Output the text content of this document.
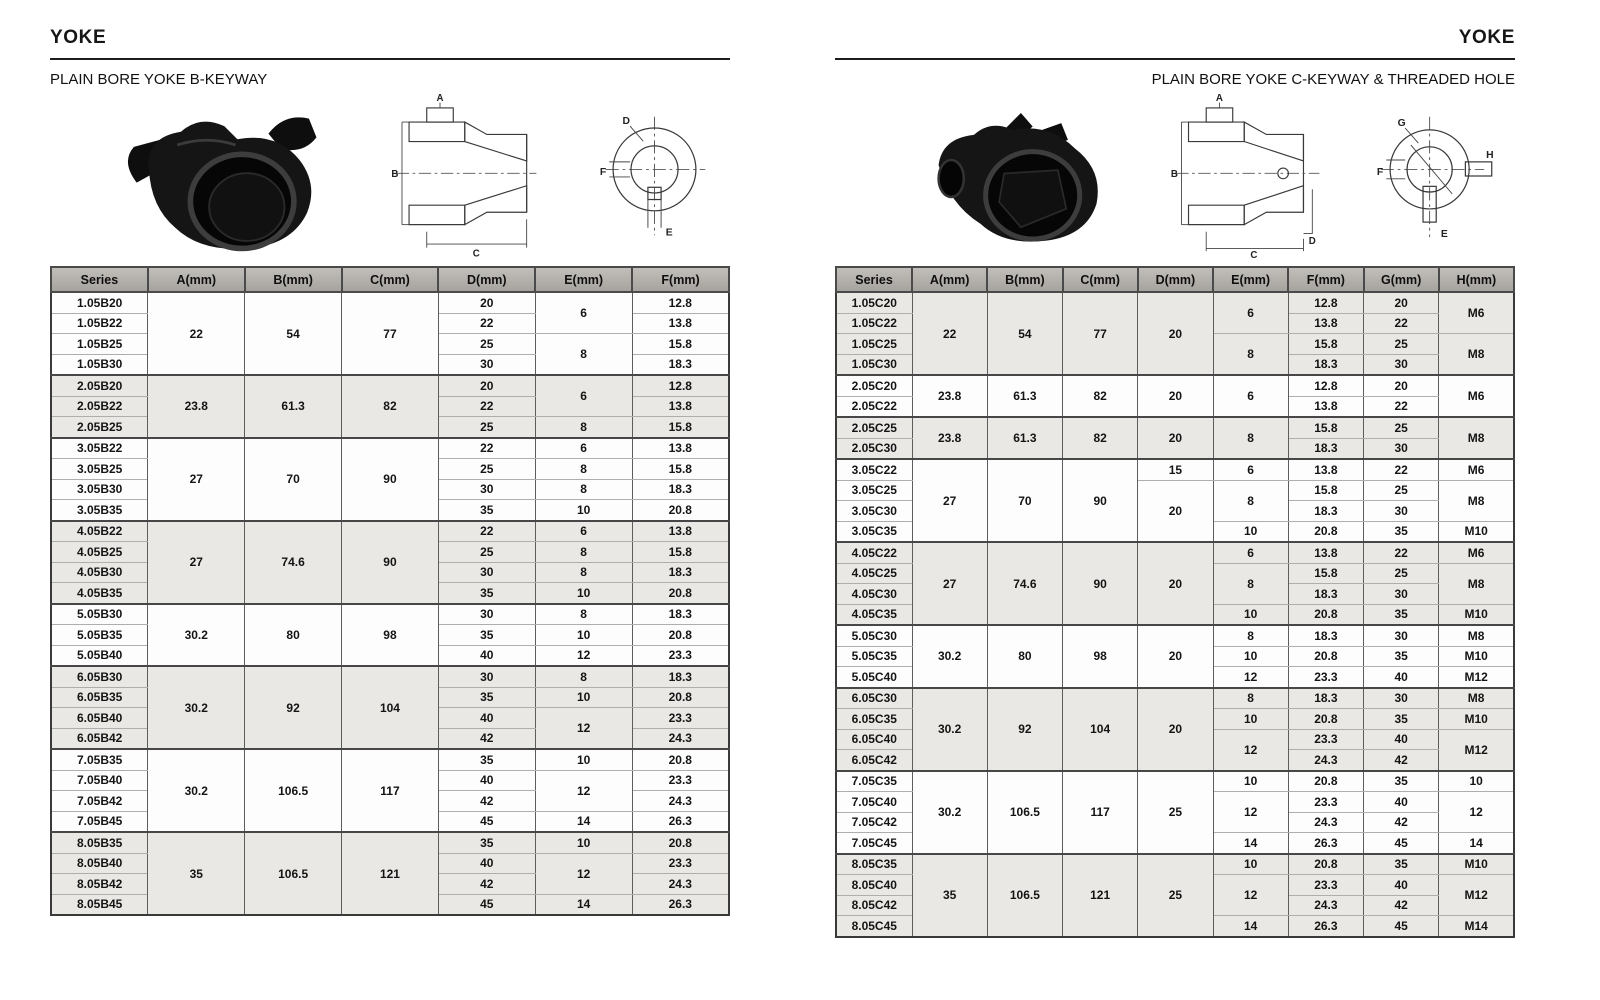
YOKE
PLAIN BORE YOKE B-KEYWAY
A
B
C
D
F
E
Series	A(mm)	B(mm)	C(mm)	D(mm)	E(mm)	F(mm)
1.05B20	22	54	77	20	6	12.8
1.05B22				22		13.8
1.05B25				25	8	15.8
1.05B30				30		18.3
2.05B20	23.8	61.3	82	20	6	12.8
2.05B22				22		13.8
2.05B25				25	8	15.8
3.05B22	27	70	90	22	6	13.8
3.05B25				25	8	15.8
3.05B30				30	8	18.3
3.05B35				35	10	20.8
4.05B22	27	74.6	90	22	6	13.8
4.05B25				25	8	15.8
4.05B30				30	8	18.3
4.05B35				35	10	20.8
5.05B30	30.2	80	98	30	8	18.3
5.05B35				35	10	20.8
5.05B40				40	12	23.3
6.05B30	30.2	92	104	30	8	18.3
6.05B35				35	10	20.8
6.05B40				40	12	23.3
6.05B42				42		24.3
7.05B35	30.2	106.5	117	35	10	20.8
7.05B40				40	12	23.3
7.05B42				42		24.3
7.05B45				45	14	26.3
8.05B35	35	106.5	121	35	10	20.8
8.05B40				40	12	23.3
8.05B42				42		24.3
8.05B45				45	14	26.3
YOKE
PLAIN BORE YOKE C-KEYWAY & THREADED HOLE
A
B
D
C
G
H
F
E
Series	A(mm)	B(mm)	C(mm)	D(mm)	E(mm)	F(mm)	G(mm)	H(mm)
1.05C20	22	54	77	20	6	12.8	20	M6
1.05C22						13.8	22	
1.05C25					8	15.8	25	M8
1.05C30						18.3	30	
2.05C20	23.8	61.3	82	20	6	12.8	20	M6
2.05C22						13.8	22	
2.05C25	23.8	61.3	82	20	8	15.8	25	M8
2.05C30						18.3	30	
3.05C22	27	70	90	15	6	13.8	22	M6
3.05C25				20	8	15.8	25	M8
3.05C30						18.3	30	
3.05C35					10	20.8	35	M10
4.05C22	27	74.6	90	20	6	13.8	22	M6
4.05C25					8	15.8	25	M8
4.05C30						18.3	30	
4.05C35					10	20.8	35	M10
5.05C30	30.2	80	98	20	8	18.3	30	M8
5.05C35					10	20.8	35	M10
5.05C40					12	23.3	40	M12
6.05C30	30.2	92	104	20	8	18.3	30	M8
6.05C35					10	20.8	35	M10
6.05C40					12	23.3	40	M12
6.05C42						24.3	42	
7.05C35	30.2	106.5	117	25	10	20.8	35	10
7.05C40					12	23.3	40	12
7.05C42						24.3	42	
7.05C45					14	26.3	45	14
8.05C35	35	106.5	121	25	10	20.8	35	M10
8.05C40					12	23.3	40	M12
8.05C42						24.3	42	
8.05C45					14	26.3	45	M14
